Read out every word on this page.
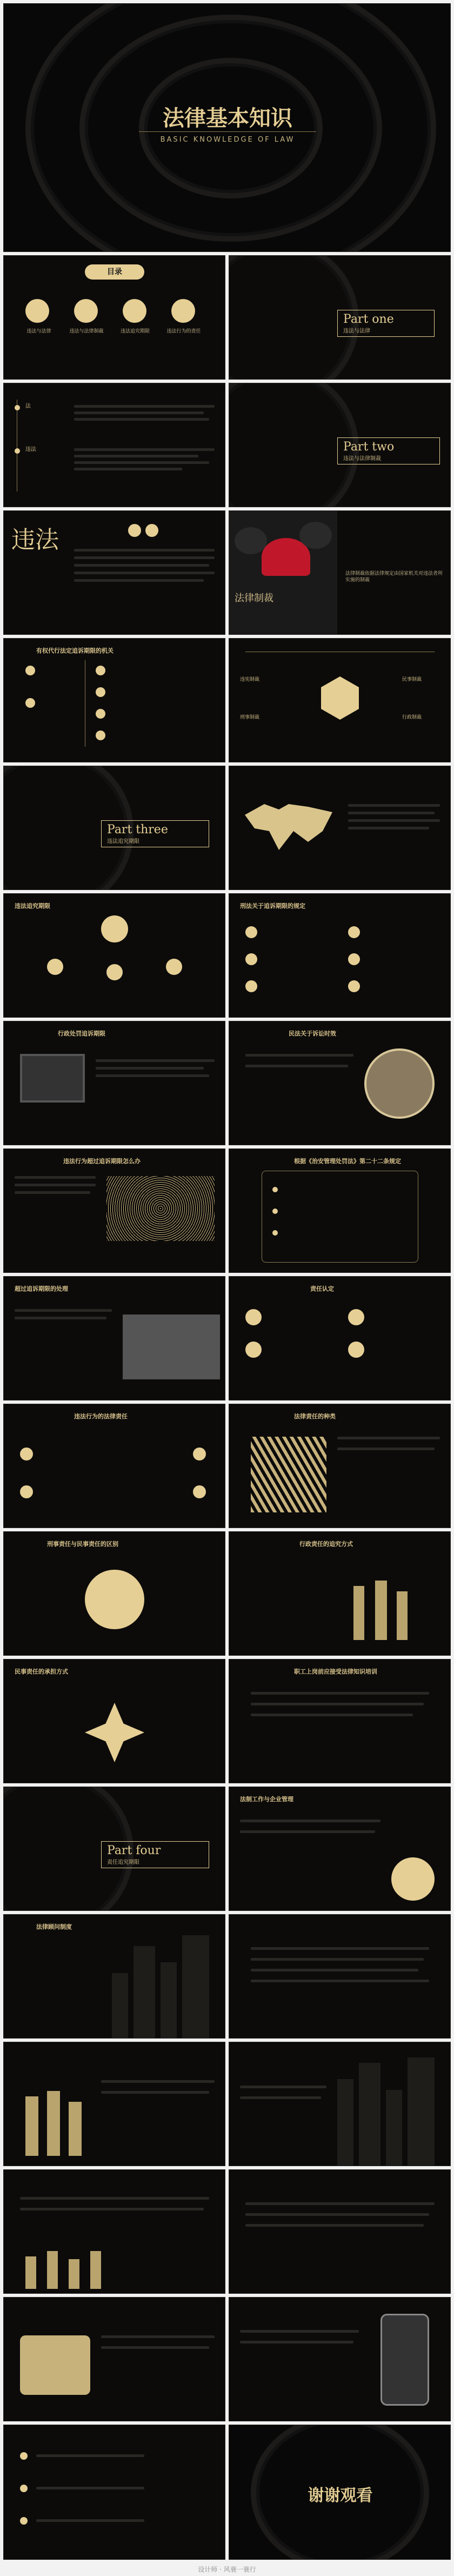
法律基本知识
BASIC KNOWLEDGE OF LAW
目录
违法与法律	违法与法律制裁	违法追究期限	违法行为的责任
Part one
违法与法律
法
违法	Part two
违法与法律制裁
违法
法律制裁
法律制裁依据法律规定由国家机关对违法者所实施的制裁
有权代行法定追诉期限的机关
违宪制裁
刑事制裁
民事制裁
行政制裁
Part three
违法追究期限
违法追究期限	刑法关于追诉期限的规定
行政处罚追诉期限	民法关于诉讼时效
违法行为超过追诉期限怎么办	根据《治安管理处罚法》第二十二条规定
超过追诉期限的处理	责任认定
违法行为的法律责任	法律责任的种类
刑事责任与民事责任的区别	行政责任的追究方式
民事责任的承担方式	职工上岗前应接受法律知识培训
Part four
责任追究期限
法制工作与企业管理
法律顾问制度
谢谢观看
设计师 · 风蓑一蓑行
